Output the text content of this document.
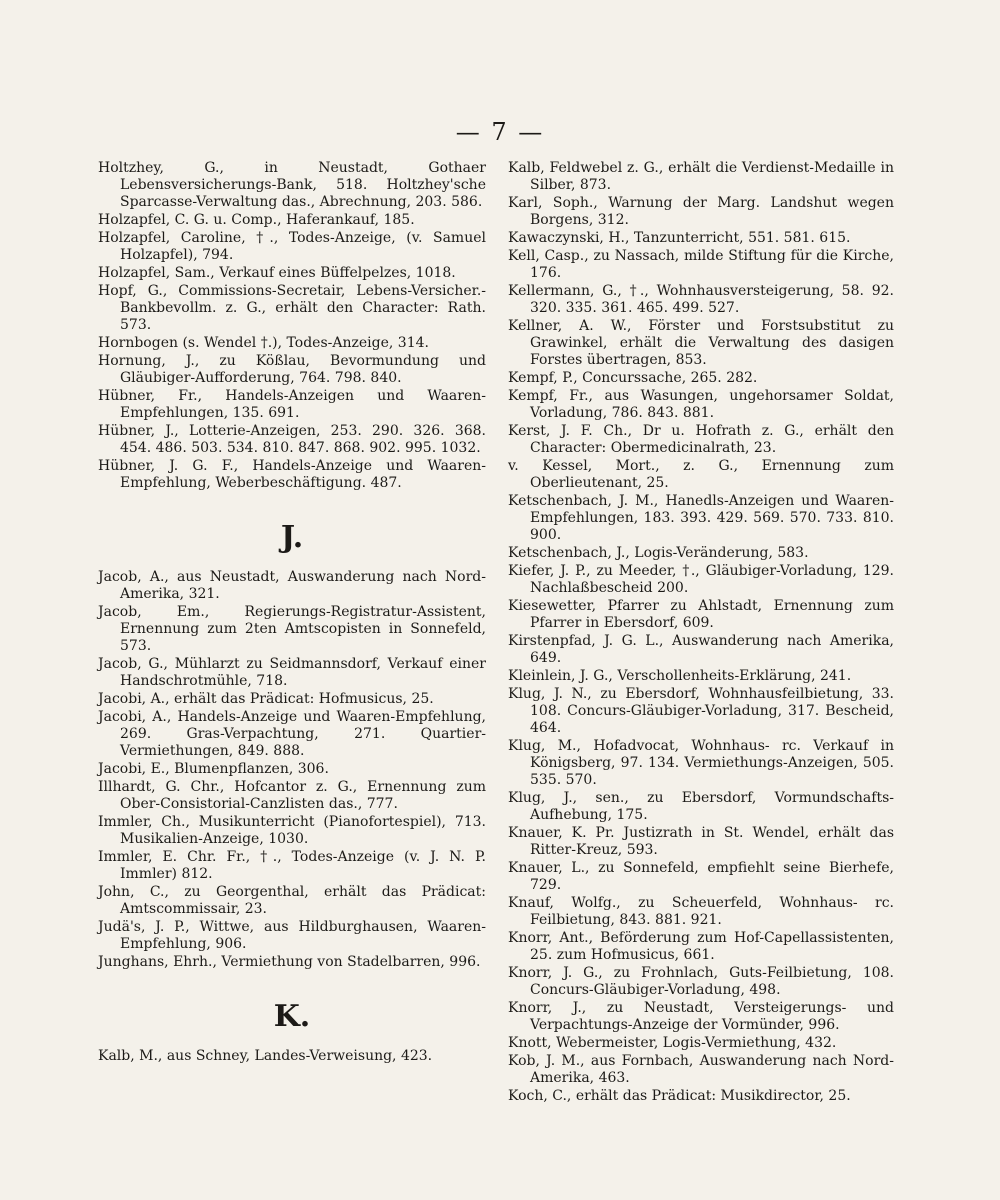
— 7 —

Holtzhey, G., in Neustadt, Gothaer Lebensversicherungs-Bank, 518. Holtzhey'sche Sparcasse-Verwaltung das., Abrechnung, 203. 586.

Holzapfel, C. G. u. Comp., Haferankauf, 185.

Holzapfel, Caroline, †., Todes-Anzeige, (v. Samuel Holzapfel), 794.

Holzapfel, Sam., Verkauf eines Büffelpelzes, 1018.

Hopf, G., Commissions-Secretair, Lebens-Versicher.-Bankbevollm. z. G., erhält den Character: Rath. 573.

Hornbogen (s. Wendel †.), Todes-Anzeige, 314.

Hornung, J., zu Kößlau, Bevormundung und Gläubiger-Aufforderung, 764. 798. 840.

Hübner, Fr., Handels-Anzeigen und Waaren-Empfehlungen, 135. 691.

Hübner, J., Lotterie-Anzeigen, 253. 290. 326. 368. 454. 486. 503. 534. 810. 847. 868. 902. 995. 1032.

Hübner, J. G. F., Handels-Anzeige und Waaren-Empfehlung, Weberbeschäftigung. 487.

J.

Jacob, A., aus Neustadt, Auswanderung nach Nord-Amerika, 321.

Jacob, Em., Regierungs-Registratur-Assistent, Ernennung zum 2ten Amtscopisten in Sonnefeld, 573.

Jacob, G., Mühlarzt zu Seidmannsdorf, Verkauf einer Handschrotmühle, 718.

Jacobi, A., erhält das Prädicat: Hofmusicus, 25.

Jacobi, A., Handels-Anzeige und Waaren-Empfehlung, 269. Gras-Verpachtung, 271. Quartier-Vermiethungen, 849. 888.

Jacobi, E., Blumenpflanzen, 306.

Illhardt, G. Chr., Hofcantor z. G., Ernennung zum Ober-Consistorial-Canzlisten das., 777.

Immler, Ch., Musikunterricht (Pianofortespiel), 713. Musikalien-Anzeige, 1030.

Immler, E. Chr. Fr., †., Todes-Anzeige (v. J. N. P. Immler) 812.

John, C., zu Georgenthal, erhält das Prädicat: Amtscommissair, 23.

Judä's, J. P., Wittwe, aus Hildburghausen, Waaren-Empfehlung, 906.

Junghans, Ehrh., Vermiethung von Stadelbarren, 996.

K.

Kalb, M., aus Schney, Landes-Verweisung, 423.

Kalb, Feldwebel z. G., erhält die Verdienst-Medaille in Silber, 873.

Karl, Soph., Warnung der Marg. Landshut wegen Borgens, 312.

Kawaczynski, H., Tanzunterricht, 551. 581. 615.

Kell, Casp., zu Nassach, milde Stiftung für die Kirche, 176.

Kellermann, G., †., Wohnhausversteigerung, 58. 92. 320. 335. 361. 465. 499. 527.

Kellner, A. W., Förster und Forstsubstitut zu Grawinkel, erhält die Verwaltung des dasigen Forstes übertragen, 853.

Kempf, P., Concurssache, 265. 282.

Kempf, Fr., aus Wasungen, ungehorsamer Soldat, Vorladung, 786. 843. 881.

Kerst, J. F. Ch., Dr u. Hofrath z. G., erhält den Character: Obermedicinalrath, 23.

v. Kessel, Mort., z. G., Ernennung zum Oberlieutenant, 25.

Ketschenbach, J. M., Hanedls-Anzeigen und Waaren-Empfehlungen, 183. 393. 429. 569. 570. 733. 810. 900.

Ketschenbach, J., Logis-Veränderung, 583.

Kiefer, J. P., zu Meeder, †., Gläubiger-Vorladung, 129. Nachlaßbescheid 200.

Kiesewetter, Pfarrer zu Ahlstadt, Ernennung zum Pfarrer in Ebersdorf, 609.

Kirstenpfad, J. G. L., Auswanderung nach Amerika, 649.

Kleinlein, J. G., Verschollenheits-Erklärung, 241.

Klug, J. N., zu Ebersdorf, Wohnhausfeilbietung, 33. 108. Concurs-Gläubiger-Vorladung, 317. Bescheid, 464.

Klug, M., Hofadvocat, Wohnhaus- rc. Verkauf in Königsberg, 97. 134. Vermiethungs-Anzeigen, 505. 535. 570.

Klug, J., sen., zu Ebersdorf, Vormundschafts-Aufhebung, 175.

Knauer, K. Pr. Justizrath in St. Wendel, erhält das Ritter-Kreuz, 593.

Knauer, L., zu Sonnefeld, empfiehlt seine Bierhefe, 729.

Knauf, Wolfg., zu Scheuerfeld, Wohnhaus- rc. Feilbietung, 843. 881. 921.

Knorr, Ant., Beförderung zum Hof-Capellassistenten, 25. zum Hofmusicus, 661.

Knorr, J. G., zu Frohnlach, Guts-Feilbietung, 108. Concurs-Gläubiger-Vorladung, 498.

Knorr, J., zu Neustadt, Versteigerungs- und Verpachtungs-Anzeige der Vormünder, 996.

Knott, Webermeister, Logis-Vermiethung, 432.

Kob, J. M., aus Fornbach, Auswanderung nach Nord-Amerika, 463.

Koch, C., erhält das Prädicat: Musikdirector, 25.
